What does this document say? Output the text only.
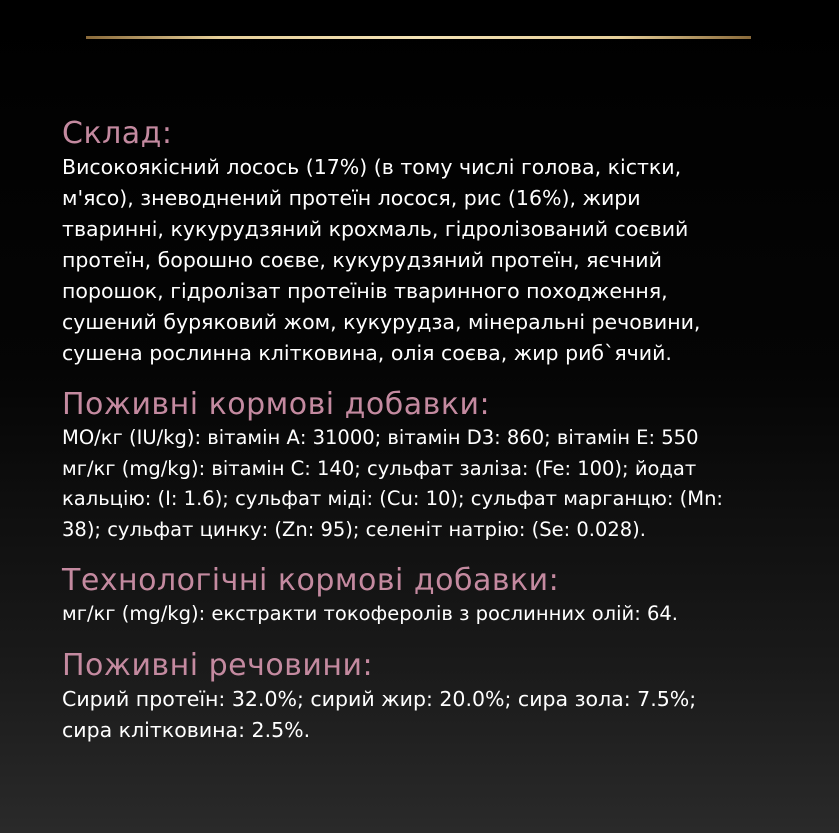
Склад:

Високоякісний лосось (17%) (в тому числі голова, кістки,
м'ясо), зневоднений протеїн лосося, рис (16%), жири
тваринні, кукурудзяний крохмаль, гідролізований соєвий
протеїн, борошно соєве, кукурудзяний протеїн, яєчний
порошок, гідролізат протеїнів тваринного походження,
сушений буряковий жом, кукурудза, мінеральні речовини,
сушена рослинна клітковина, олія соєва, жир риб`ячий.

Поживні кормові добавки:

МО/кг (IU/kg): вітамін А: 31000; вітамін D3: 860; вітамін Е: 550
мг/кг (mg/kg): вітамін С: 140; сульфат заліза: (Fe: 100); йодат
кальцію: (I: 1.6); сульфат міді: (Cu: 10); сульфат марганцю: (Mn:
38); сульфат цинку: (Zn: 95); селеніт натрію: (Se: 0.028).

Технологічні кормові добавки:

мг/кг (mg/kg): екстракти токоферолів з рослинних олій: 64.

Поживні речовини:

Сирий протеїн: 32.0%; сирий жир: 20.0%; сира зола: 7.5%;
сира клітковина: 2.5%.
